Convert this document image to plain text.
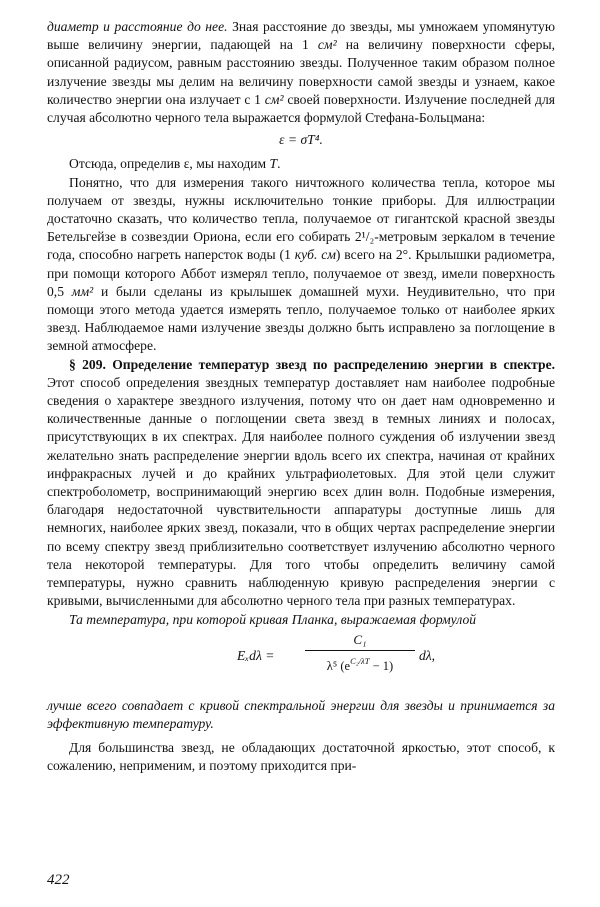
диаметр и расстояние до нее. Зная расстояние до звезды, мы умножаем упомянутую выше величину энергии, падающей на 1 см² на величину поверхности сферы, описанной радиусом, равным расстоянию звезды. Полученное таким образом полное излучение звезды мы делим на величину поверхности самой звезды и узнаем, какое количество энергии она излучает с 1 см² своей поверхности. Излучение последней для случая абсолютно черного тела выражается формулой Стефана-Больцмана:

ε = σT⁴.

Отсюда, определив ε, мы находим T.

Понятно, что для измерения такого ничтожного количества тепла, которое мы получаем от звезды, нужны исключительно тонкие приборы. Для иллюстрации достаточно сказать, что количество тепла, получаемое от гигантской красной звезды Бетельгейзе в созвездии Ориона, если его собирать 2¹/₂-метровым зеркалом в течение года, способно нагреть наперсток воды (1 куб. см) всего на 2°. Крылышки радиометра, при помощи которого Аббот измерял тепло, получаемое от звезд, имели поверхность 0,5 мм² и были сделаны из крылышек домашней мухи. Неудивительно, что при помощи этого метода удается измерять тепло, получаемое только от наиболее ярких звезд. Наблюдаемое нами излучение звезды должно быть исправлено за поглощение в земной атмосфере.

§ 209. Определение температур звезд по распределению энергии в спектре. Этот способ определения звездных температур доставляет нам наиболее подробные сведения о характере звездного излучения, потому что он дает нам одновременно и количественные данные о поглощении света звезд в темных линиях и полосах, присутствующих в их спектрах. Для наиболее полного суждения об излучении звезд желательно знать распределение энергии вдоль всего их спектра, начиная от крайних инфракрасных лучей и до крайних ультрафиолетовых. Для этой цели служит спектроболометр, воспринимающий энергию всех длин волн. Подобные измерения, благодаря недостаточной чувствительности аппаратуры доступные лишь для немногих, наиболее ярких звезд, показали, что в общих чертах распределение энергии по всему спектру звезд приблизительно соответствует излучению абсолютно черного тела некоторой температуры. Для того чтобы определить величину самой температуры, нужно сравнить наблюденную кривую распределения энергии с кривыми, вычисленными для абсолютно черного тела при разных температурах.

Та температура, при которой кривая Планка, выражаемая формулой

Eₓdλ =
C₁
λ⁵ $(e^{C_2/\lambda T} - 1)$
dλ,

лучше всего совпадает с кривой спектральной энергии для звезды и принимается за эффективную температуру.

Для большинства звезд, не обладающих достаточной яркостью, этот способ, к сожалению, неприменим, и поэтому приходится при-

422
